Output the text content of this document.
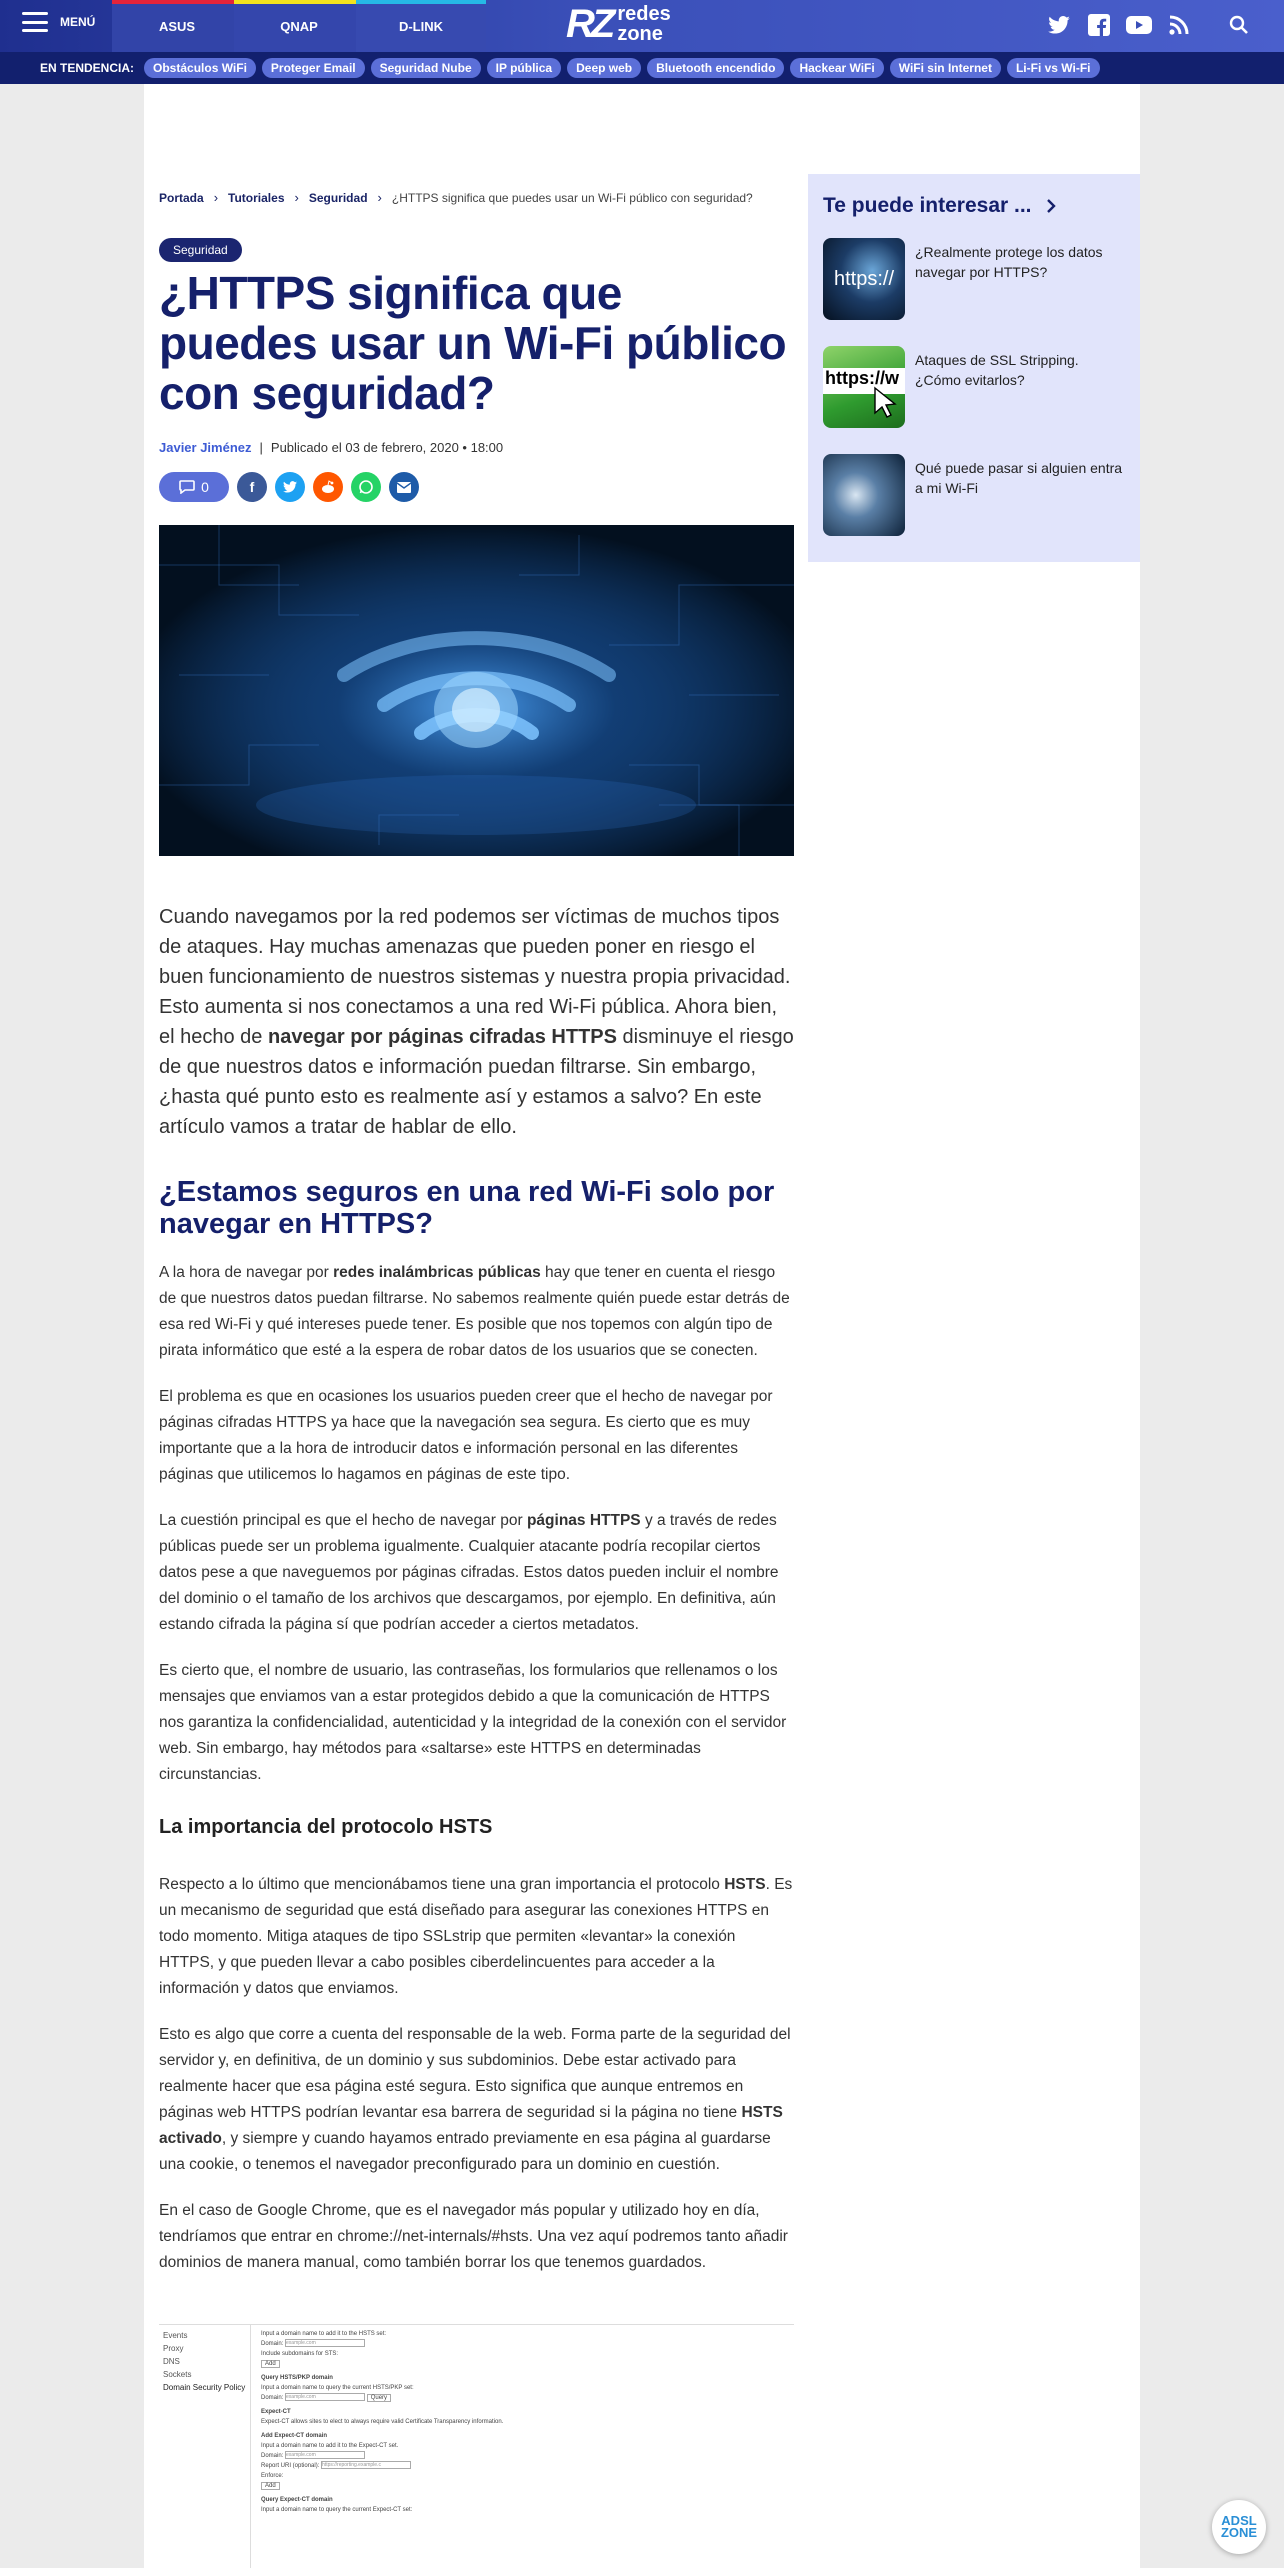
MENÚ	ASUS	QNAP	D-LINK	RZ redes
zone
EN TENDENCIA:	Obstáculos WiFi	Proteger Email	Seguridad Nube	IP pública	Deep web	Bluetooth encendido	Hackear WiFi	WiFi sin Internet	Li-Fi vs Wi-Fi
Portada › Tutoriales › Seguridad › ¿HTTPS significa que puedes usar un Wi-Fi público con seguridad?
Seguridad
¿HTTPS significa que puedes usar un Wi-Fi público con seguridad?
Javier Jiménez | Publicado el 03 de febrero, 2020 • 18:00
0	f

Cuando navegamos por la red podemos ser víctimas de muchos tipos de ataques. Hay muchas amenazas que pueden poner en riesgo el buen funcionamiento de nuestros sistemas y nuestra propia privacidad. Esto aumenta si nos conectamos a una red Wi-Fi pública. Ahora bien, el hecho de navegar por páginas cifradas HTTPS disminuye el riesgo de que nuestros datos e información puedan filtrarse. Sin embargo, ¿hasta qué punto esto es realmente así y estamos a salvo? En este artículo vamos a tratar de hablar de ello.

¿Estamos seguros en una red Wi-Fi solo por navegar en HTTPS?

A la hora de navegar por redes inalámbricas públicas hay que tener en cuenta el riesgo de que nuestros datos puedan filtrarse. No sabemos realmente quién puede estar detrás de esa red Wi-Fi y qué intereses puede tener. Es posible que nos topemos con algún tipo de pirata informático que esté a la espera de robar datos de los usuarios que se conecten.

El problema es que en ocasiones los usuarios pueden creer que el hecho de navegar por páginas cifradas HTTPS ya hace que la navegación sea segura. Es cierto que es muy importante que a la hora de introducir datos e información personal en las diferentes páginas que utilicemos lo hagamos en páginas de este tipo.

La cuestión principal es que el hecho de navegar por páginas HTTPS y a través de redes públicas puede ser un problema igualmente. Cualquier atacante podría recopilar ciertos datos pese a que naveguemos por páginas cifradas. Estos datos pueden incluir el nombre del dominio o el tamaño de los archivos que descargamos, por ejemplo. En definitiva, aún estando cifrada la página sí que podrían acceder a ciertos metadatos.

Es cierto que, el nombre de usuario, las contraseñas, los formularios que rellenamos o los mensajes que enviamos van a estar protegidos debido a que la comunicación de HTTPS nos garantiza la confidencialidad, autenticidad y la integridad de la conexión con el servidor web. Sin embargo, hay métodos para «saltarse» este HTTPS en determinadas circunstancias.

La importancia del protocolo HSTS

Respecto a lo último que mencionábamos tiene una gran importancia el protocolo HSTS. Es un mecanismo de seguridad que está diseñado para asegurar las conexiones HTTPS en todo momento. Mitiga ataques de tipo SSLstrip que permiten «levantar» la conexión HTTPS, y que pueden llevar a cabo posibles ciberdelincuentes para acceder a la información y datos que enviamos.

Esto es algo que corre a cuenta del responsable de la web. Forma parte de la seguridad del servidor y, en definitiva, de un dominio y sus subdominios. Debe estar activado para realmente hacer que esa página esté segura. Esto significa que aunque entremos en páginas web HTTPS podrían levantar esa barrera de seguridad si la página no tiene HSTS activado, y siempre y cuando hayamos entrado previamente en esa página al guardarse una cookie, o tenemos el navegador preconfigurado para un dominio en cuestión.

En el caso de Google Chrome, que es el navegador más popular y utilizado hoy en día, tendríamos que entrar en chrome://net-internals/#hsts. Una vez aquí podremos tanto añadir dominios de manera manual, como también borrar los que tenemos guardados.

Events
Proxy
DNS
Sockets
Domain Security Policy
Input a domain name to add it to the HSTS set:
Domain: example.com
Include subdomains for STS:
Add
Query HSTS/PKP domain
Input a domain name to query the current HSTS/PKP set:
Domain: example.com	Query
Expect-CT
Expect-CT allows sites to elect to always require valid Certificate Transparency information.
Add Expect-CT domain
Input a domain name to add it to the Expect-CT set.
Domain: example.com
Report URI (optional): https://reporting.example.c
Enforce:
Add
Query Expect-CT domain
Input a domain name to query the current Expect-CT set:
Te puede interesar ...
https://
¿Realmente protege los datos navegar por HTTPS?
https://w
Ataques de SSL Stripping. ¿Cómo evitarlos?
Qué puede pasar si alguien entra a mi Wi-Fi
ADSL
ZONE
